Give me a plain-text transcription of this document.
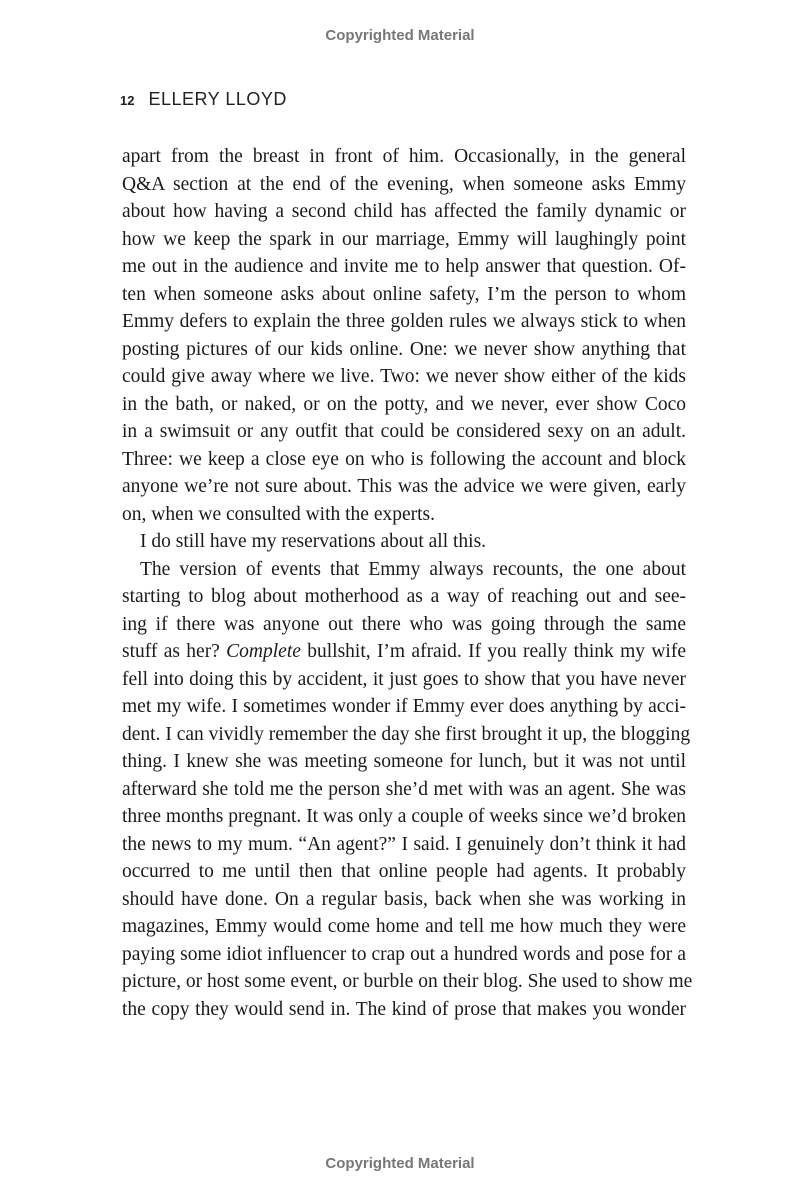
Copyrighted Material
12 ELLERY LLOYD
apart from the breast in front of him. Occasionally, in the general
Q&A section at the end of the evening, when someone asks Emmy
about how having a second child has affected the family dynamic or
how we keep the spark in our marriage, Emmy will laughingly point
me out in the audience and invite me to help answer that question. Of-
ten when someone asks about online safety, I’m the person to whom
Emmy defers to explain the three golden rules we always stick to when
posting pictures of our kids online. One: we never show anything that
could give away where we live. Two: we never show either of the kids
in the bath, or naked, or on the potty, and we never, ever show Coco
in a swimsuit or any outfit that could be considered sexy on an adult.
Three: we keep a close eye on who is following the account and block
anyone we’re not sure about. This was the advice we were given, early
on, when we consulted with the experts.
I do still have my reservations about all this.
The version of events that Emmy always recounts, the one about
starting to blog about motherhood as a way of reaching out and see-
ing if there was anyone out there who was going through the same
stuff as her? Complete bullshit, I’m afraid. If you really think my wife
fell into doing this by accident, it just goes to show that you have never
met my wife. I sometimes wonder if Emmy ever does anything by acci-
dent. I can vividly remember the day she first brought it up, the blogging
thing. I knew she was meeting someone for lunch, but it was not until
afterward she told me the person she’d met with was an agent. She was
three months pregnant. It was only a couple of weeks since we’d broken
the news to my mum. “An agent?” I said. I genuinely don’t think it had
occurred to me until then that online people had agents. It probably
should have done. On a regular basis, back when she was working in
magazines, Emmy would come home and tell me how much they were
paying some idiot influencer to crap out a hundred words and pose for a
picture, or host some event, or burble on their blog. She used to show me
the copy they would send in. The kind of prose that makes you wonder
Copyrighted Material
